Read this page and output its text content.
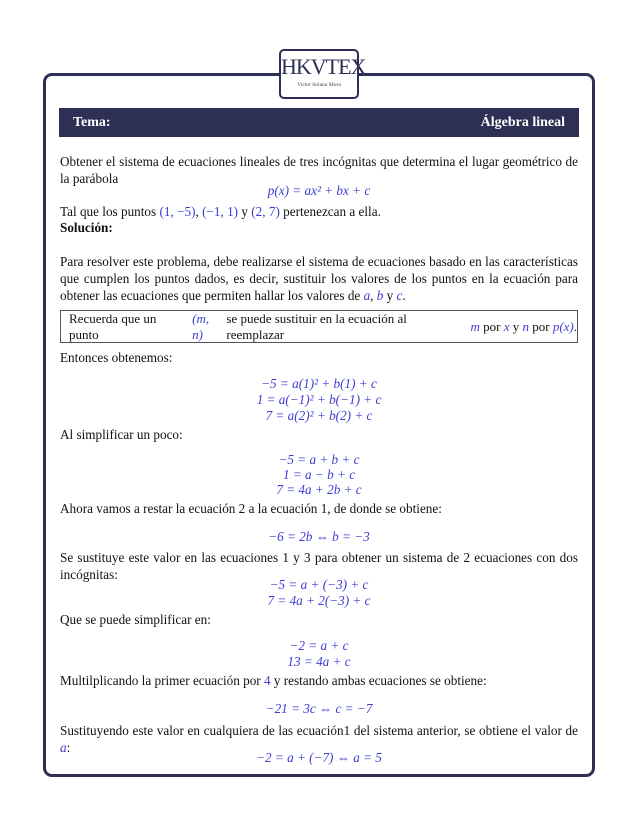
HKVTEX
Victor Solano Mora
Tema:	Álgebra lineal
Obtener el sistema de ecuaciones lineales de tres incógnitas que determina el lugar geométrico de la parábola
p(x) = ax² + bx + c
Tal que los puntos (1, −5), (−1, 1) y (2, 7) pertenezcan a ella.
Solución:
Para resolver este problema, debe realizarse el sistema de ecuaciones basado en las características que cumplen los puntos dados, es decir, sustituir los valores de los puntos en la ecuación para obtener las ecuaciones que permiten hallar los valores de a, b y c.
Recuerda que un punto

(m, n)

se puede sustituir en la ecuación al reemplazar

m
por
x
y
n
por
p(x) .
Entonces obtenemos:
−5 = a(1)² + b(1) + c
1 = a(−1)² + b(−1) + c
7 = a(2)² + b(2) + c
Al simplificar un poco:
−5 = a + b + c
1 = a − b + c
7 = 4a + 2b + c
Ahora vamos a restar la ecuación 2 a la ecuación 1, de donde se obtiene:
−6 = 2b ⇔ b = −3
Se sustituye este valor en las ecuaciones 1 y 3 para obtener un sistema de 2 ecuaciones con dos incógnitas:
−5 = a + (−3) + c
7 = 4a + 2(−3) + c
Que se puede simplificar en:
−2 = a + c
13 = 4a + c
Multilplicando la primer ecuación por 4 y restando ambas ecuaciones se obtiene:
−21 = 3c ⇔ c = −7
Sustituyendo este valor en cualquiera de las ecuación1 del sistema anterior, se obtiene el valor de a:
−2 = a + (−7) ⇔ a = 5
